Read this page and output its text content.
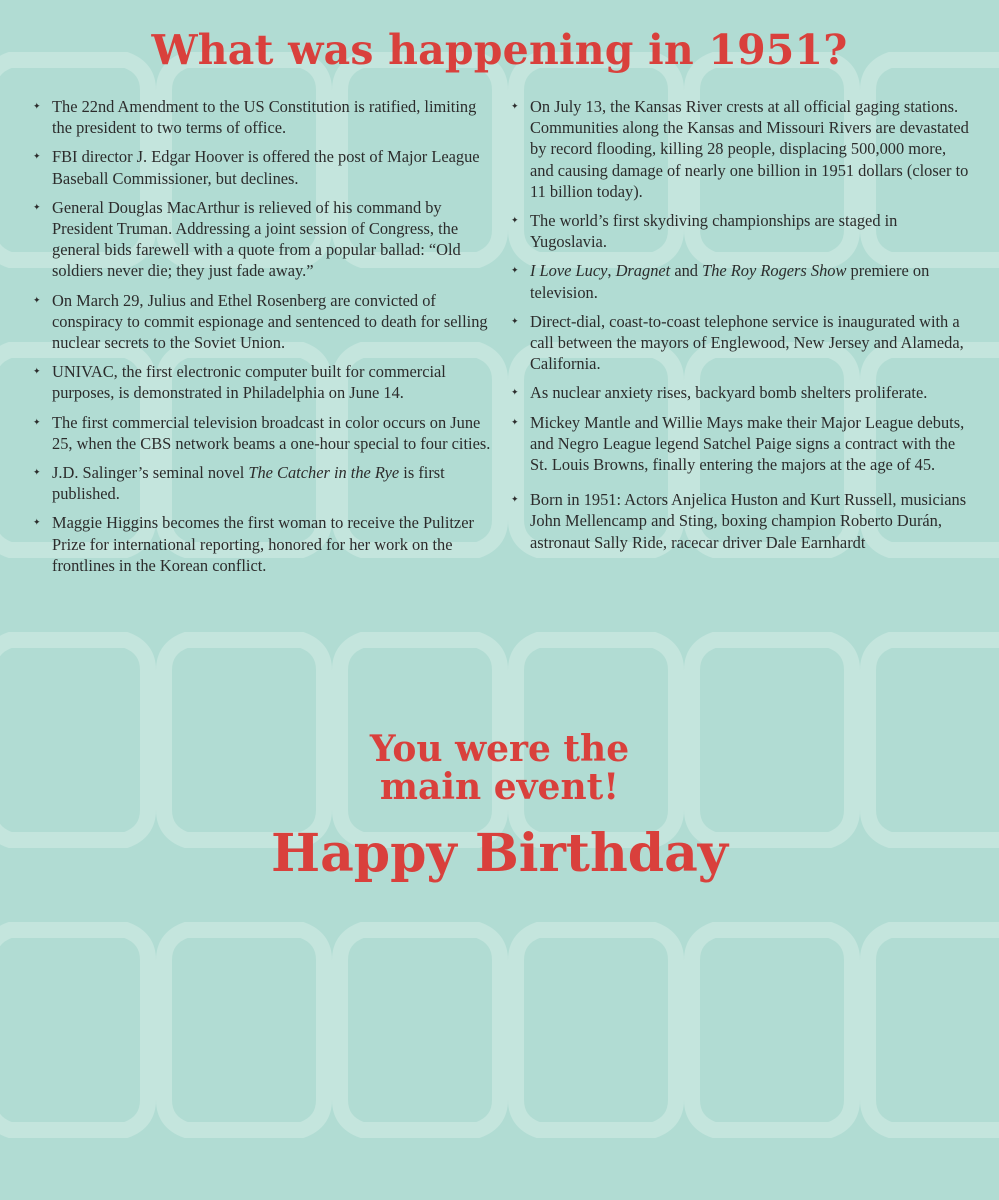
What was happening in 1951?
✦ The 22nd Amendment to the US Constitution is ratified, limiting the president to two terms of office.
✦ FBI director J. Edgar Hoover is offered the post of Major League Baseball Commissioner, but declines.
✦ General Douglas MacArthur is relieved of his command by President Truman. Addressing a joint session of Congress, the general bids farewell with a quote from a popular ballad: “Old soldiers never die; they just fade away.”
✦ On March 29, Julius and Ethel Rosenberg are convicted of conspiracy to commit espionage and sentenced to death for selling nuclear secrets to the Soviet Union.
✦ UNIVAC, the first electronic computer built for commercial purposes, is demonstrated in Philadelphia on June 14.
✦ The first commercial television broadcast in color occurs on June 25, when the CBS network beams a one-hour special to four cities.
✦ J.D. Salinger’s seminal novel The Catcher in the Rye is first published.
✦ Maggie Higgins becomes the first woman to receive the Pulitzer Prize for international reporting, honored for her work on the frontlines in the Korean conflict.
✦ On July 13, the Kansas River crests at all official gaging stations. Communities along the Kansas and Missouri Rivers are devastated by record flooding, killing 28 people, displacing 500,000 more, and causing damage of nearly one billion in 1951 dollars (closer to 11 billion today).
✦ The world’s first skydiving championships are staged in Yugoslavia.
✦ I Love Lucy, Dragnet and The Roy Rogers Show premiere on television.
✦ Direct-dial, coast-to-coast telephone service is inaugurated with a call between the mayors of Englewood, New Jersey and Alameda, California.
✦ As nuclear anxiety rises, backyard bomb shelters proliferate.
✦ Mickey Mantle and Willie Mays make their Major League debuts, and Negro League legend Satchel Paige signs a contract with the St. Louis Browns, finally entering the majors at the age of 45.
✦ Born in 1951: Actors Anjelica Huston and Kurt Russell, musicians John Mellencamp and Sting, boxing champion Roberto Durán, astronaut Sally Ride, racecar driver Dale Earnhardt
You were the
main event!
Happy Birthday
